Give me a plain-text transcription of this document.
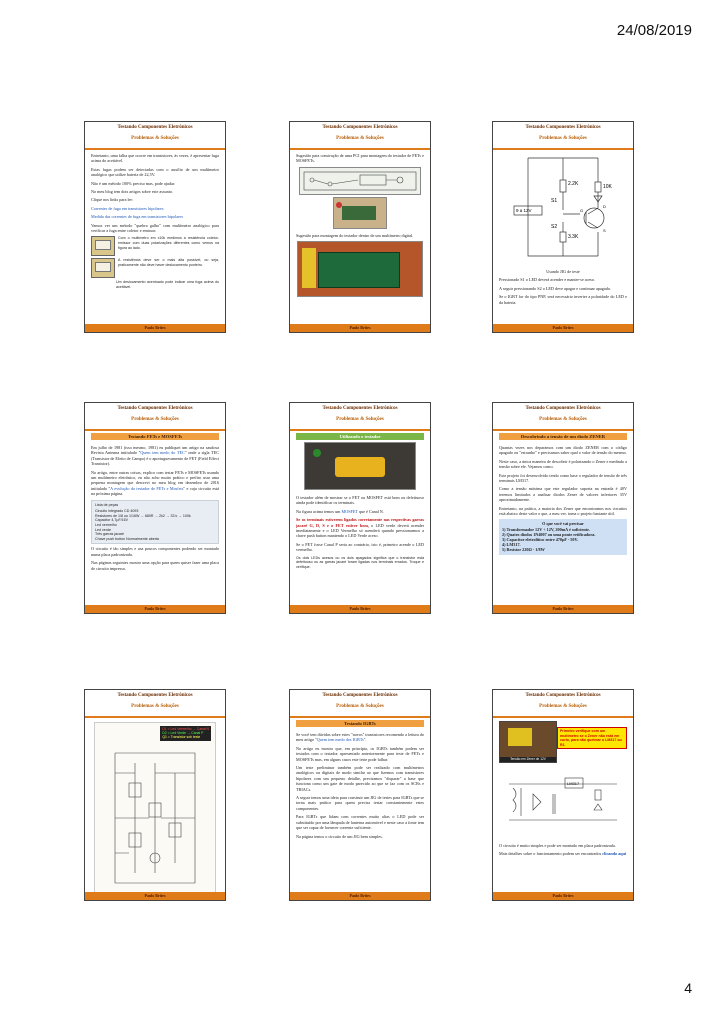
24/08/2019
Testando Componentes Eletrônicos
Problemas & Soluções

Entretanto, uma falha que ocorre em transistores, às vezes, é apresentar fuga acima do aceitável.

Estas fugas podem ser detectadas com o auxílio de um multímetro analógico que utilize bateria de 22,5V.

Não é um método 100% preciso mas, pode ajudar.

No meu blog tem dois artigos sobre este assunto.

Clique nos links para ler:

Correntes de fuga em transistores bipolares

Medida das correntes de fuga em transistores bipolares

Vamos ver um método "quebra galho" com multímetro analógico para verificar a fuga entre coletor e emissor.

Com o multímetro em x10k medimos a resistência coletor-emissor com duas polarizações diferentes como vemos na figura ao lado.
A resistência deve ser o mais alta possível, ou seja, praticamente não deve haver deslocamento ponteiro.
Um deslocamento acentuado pode indicar uma fuga acima do aceitável.
Paulo Brites
Testando Componentes Eletrônicos
Problemas & Soluções

Sugestão para construção de uma PCI para montagem do testador de FETs e MOSFETs.

Sugestão para montagem do testador dentro de um multímetro digital.

Paulo Brites
Testando Componentes Eletrônicos
Problemas & Soluções
2.2K	10K
3.3K
S1
S2
9 a 12V	G
D
S

Usando JIG de teste

Pressionado S1 o LED deverá acender e manter-se aceso.

A seguir pressionando S2 o LED deve apagar e continuar apagado.

Se o IGBT for do tipo PNP, será necessário inverter a polaridade do LED e da bateria.

Paulo Brites
Testando Componentes Eletrônicos
Problemas & Soluções
Testando FETs e MOSFETs

Em julho de 1981 (isso mesmo, 1981) eu publiquei um artigo na saudosa Revista Antenna intitulado "Quem tem medo do TEC" onde a sigla TEC (Transistor de Efeito de Campo) é o aportuguesamento de FET (Field Effect Transistor).

No artigo, entre outras coisas, explico com testar FETs e MOSFETs usando um multímetro eletrônico, eu não acho muito prático e prefiro usar uma pequena montagem que descrevi no meu blog em dezembro de 2016 intitulado "A evolução do testador de FETs e Mosfets" e cujo circuito está na próxima página.

Lista de peças
Circuito integrado CD 4093
Resistores de 1/8 ou 1/16W → 680R → 2k2 → 33 k → 100k
Capacitor 4,7µF/16V
Led vermelho
Led verde
Três garras jacaré
Chave push button Normalmente aberta

O circuito é tão simples e usa poucos componentes podendo ser montado numa placa padronizada.

Nas páginas seguintes mostro uma opção para quem quiser fazer uma placa de circuito impresso.

Paulo Brites
Testando Componentes Eletrônicos
Problemas & Soluções
Utilizando o testador

O testador além de mostrar se o FET ou MOSFET está bom ou defeituoso ainda pode identificar os terminais.

Na figura acima temos um MOSFET que é Canal N.

Se os terminais estiverem ligados corretamente nas respectivas garras jacaré G, D, S e o FET estiver bom, o LED verde deverá acender imediatamente e o LED Vermelho só acenderá quando pressionarmos a chave push button mantendo o LED Verde aceso.

Se o FET fosse Canal P seria ao contrário, isto é, primeiro acende o LED vermelho.

Os dois LEDs acesos ou os dois apagados significa que o transistor está defeituoso ou as garras jacaré foram ligadas nos terminais errados. Troque e verifique.

Paulo Brites
Testando Componentes Eletrônicos
Problemas & Soluções
Descobrindo a tensão de um diodo ZENER

Quantas vezes nos deparamos com um diodo ZENER com o código apagado ou "estranho" e precisamos saber qual o valor de tensão do mesmo.

Neste caso, a única maneira de descobrir é polarizando o Zener e medindo a tensão sobre ele. Vejamos como.

Este projeto foi desenvolvido tendo como base o regulador de tensão de três terminais LM317.

Como a tensão máxima que este regulador suporta na entrada é 40V teremos limitados a analisar diodos Zener de valores inferiores 35V aproximadamente.

Entretanto, na prática, a maioria dos Zener que encontramos nos circuitos está abaixo deste valor o que, a meu ver, torna o projeto bastante útil.

O que você vai precisar
1) Transformador 12V + 12V, 200mA é suficiente.
2) Quatro diodos 1N4007 ou uma ponte retificadora.
3) Capacitor eletrolítico entre 470µF - 50V.
4) LM317.
5) Resistor 220Ω - 1/8W
Paulo Brites
Testando Componentes Eletrônicos
Problemas & Soluções
D1 = Led Vermelho → Canal N
D2 = Led Verde → Canal P
Q1 = Transistor sob teste
Paulo Brites
Testando Componentes Eletrônicos
Problemas & Soluções
Testando IGBTs

Se você tem dúvidas sobre estes "novos" transistores recomendo a leitura do meu artigo "Quem tem medo dos IGBTs".

No artigo eu mostro que, em princípio, os IGBTs também podem ser testados com o testador apresentado anteriormente para teste de FETs e MOSFETs mas, em alguns casos este teste pode falhar.

Um teste preliminar também pode ser realizado com multímetros analógicos ou digitais de modo similar ao que fizemos com transistores bipolares com um pequeno detalhe, precisamos "disparar" a base que funciona como um gate de modo parecido ao que se faz com os SCRs e TRIACs.

A seguir temos uma ideia para construir um JIG de testes para IGBTs que se torna mais prático para quem precisa testar constantemente estes componentes.

Para IGBTs que lidam com correntes muito altas o LED pode ser substituído por uma lâmpada de lanterna automóvel e neste caso a fonte tem que ser capaz de fornecer corrente suficiente.

Na página temos o circuito de um JIG bem simples.

Paulo Brites
Testando Componentes Eletrônicos
Problemas & Soluções
Tensão em Zener de 12V
Primeiro verifique com um multímetro se o Zener não está em curto, para não queimar o LM317 ou R1.
LM317

O circuito é muito simples e pode ser montado em placa padronizada.

Mais detalhes sobre o funcionamento podem ser encontrados clicando aqui

Paulo Brites
4
